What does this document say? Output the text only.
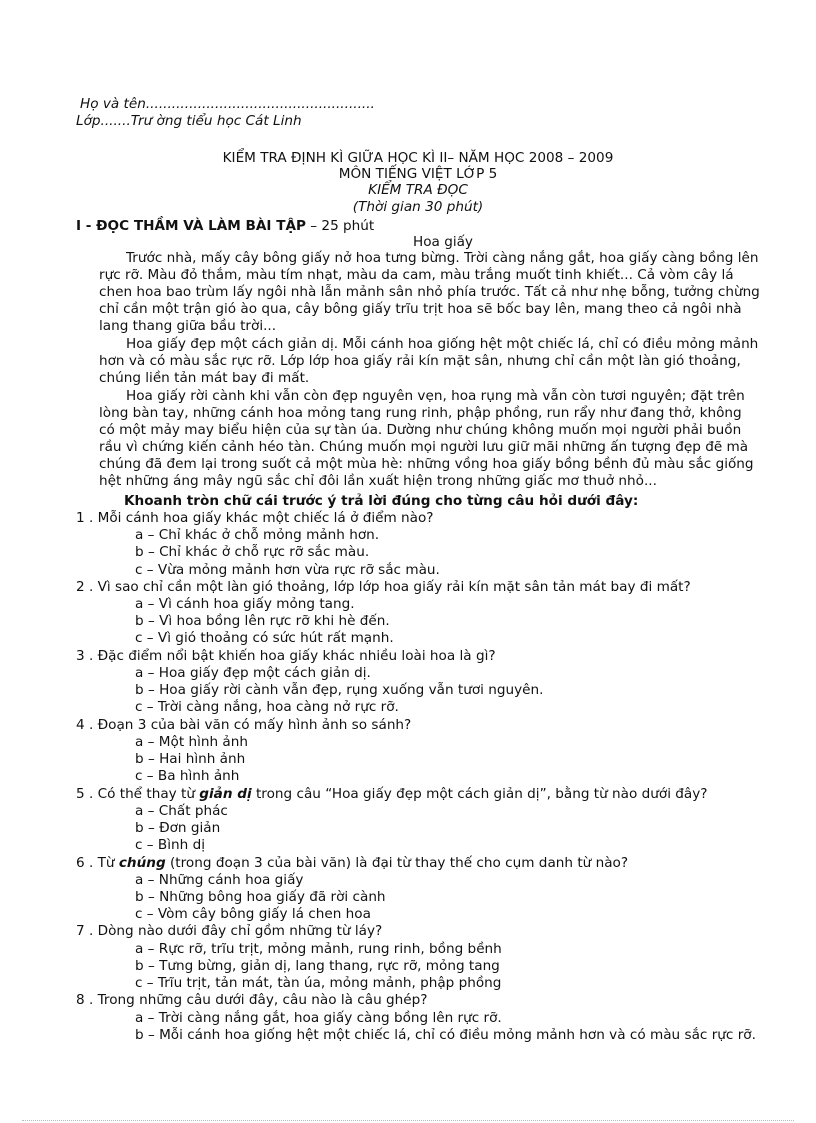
Họ và tên.....................................................
Lớp.......Trư ờng tiểu học Cát Linh
KIỂM TRA ĐỊNH KÌ GIỮA HỌC KÌ II– NĂM HỌC 2008 – 2009
MÔN TIẾNG VIỆT LỚP 5
KIỂM TRA ĐỌC
(Thời gian 30 phút)
I - ĐỌC THẦM VÀ LÀM BÀI TẬP – 25 phút
Hoa giấy
Trước nhà, mấy cây bông giấy nở hoa tưng bừng. Trời càng nắng gắt, hoa giấy càng bồng lên
rực rỡ. Màu đỏ thắm, màu tím nhạt, màu da cam, màu trắng muốt tinh khiết... Cả vòm cây lá
chen hoa bao trùm lấy ngôi nhà lẫn mảnh sân nhỏ phía trước. Tất cả như nhẹ bỗng, tưởng chừng
chỉ cần một trận gió ào qua, cây bông giấy trĩu trịt hoa sẽ bốc bay lên, mang theo cả ngôi nhà
lang thang giữa bầu trời...
Hoa giấy đẹp một cách giản dị. Mỗi cánh hoa giống hệt một chiếc lá, chỉ có điều mỏng mảnh
hơn và có màu sắc rực rỡ. Lớp lớp hoa giấy rải kín mặt sân, nhưng chỉ cần một làn gió thoảng,
chúng liền tản mát bay đi mất.
Hoa giấy rời cành khi vẫn còn đẹp nguyên vẹn, hoa rụng mà vẫn còn tươi nguyên; đặt trên
lòng bàn tay, những cánh hoa mỏng tang rung rinh, phập phồng, run rẩy như đang thở, không
có một mảy may biểu hiện của sự tàn úa. Dường như chúng không muốn mọi người phải buồn
rầu vì chứng kiến cảnh héo tàn. Chúng muốn mọi người lưu giữ mãi những ấn tượng đẹp đẽ mà
chúng đã đem lại trong suốt cả một mùa hè: những vồng hoa giấy bồng bềnh đủ màu sắc giống
hệt những áng mây ngũ sắc chỉ đôi lần xuất hiện trong những giấc mơ thuở nhỏ...
Khoanh tròn chữ cái trước ý trả lời đúng cho từng câu hỏi dưới đây:
1 . Mỗi cánh hoa giấy khác một chiếc lá ở điểm nào?
a – Chỉ khác ở chỗ mỏng mảnh hơn.
b – Chỉ khác ở chỗ rực rỡ sắc màu.
c – Vừa mỏng mảnh hơn vừa rực rỡ sắc màu.
2 . Vì sao chỉ cần một làn gió thoảng, lớp lớp hoa giấy rải kín mặt sân tản mát bay đi mất?
a – Vì cánh hoa giấy mỏng tang.
b – Vì hoa bồng lên rực rỡ khi hè đến.
c – Vì gió thoảng có sức hút rất mạnh.
3 . Đặc điểm nổi bật khiến hoa giấy khác nhiều loài hoa là gì?
a – Hoa giấy đẹp một cách giản dị.
b – Hoa giấy rời cành vẫn đẹp, rụng xuống vẫn tươi nguyên.
c – Trời càng nắng, hoa càng nở rực rỡ.
4 . Đoạn 3 của bài văn có mấy hình ảnh so sánh?
a – Một hình ảnh
b – Hai hình ảnh
c – Ba hình ảnh
5 . Có thể thay từ giản dị trong câu “Hoa giấy đẹp một cách giản dị”, bằng từ nào dưới đây?
a – Chất phác
b – Đơn giản
c – Bình dị
6 . Từ chúng (trong đoạn 3 của bài văn) là đại từ thay thế cho cụm danh từ nào?
a – Những cánh hoa giấy
b – Những bông hoa giấy đã rời cành
c – Vòm cây bông giấy lá chen hoa
7 . Dòng nào dưới đây chỉ gồm những từ láy?
a – Rực rỡ, trĩu trịt, mỏng mảnh, rung rinh, bồng bềnh
b – Tưng bừng, giản dị, lang thang, rực rỡ, mỏng tang
c – Trĩu trịt, tản mát, tàn úa, mỏng mảnh, phập phồng
8 . Trong những câu dưới đây, câu nào là câu ghép?
a – Trời càng nắng gắt, hoa giấy càng bồng lên rực rỡ.
b – Mỗi cánh hoa giống hệt một chiếc lá, chỉ có điều mỏng mảnh hơn và có màu sắc rực rỡ.
